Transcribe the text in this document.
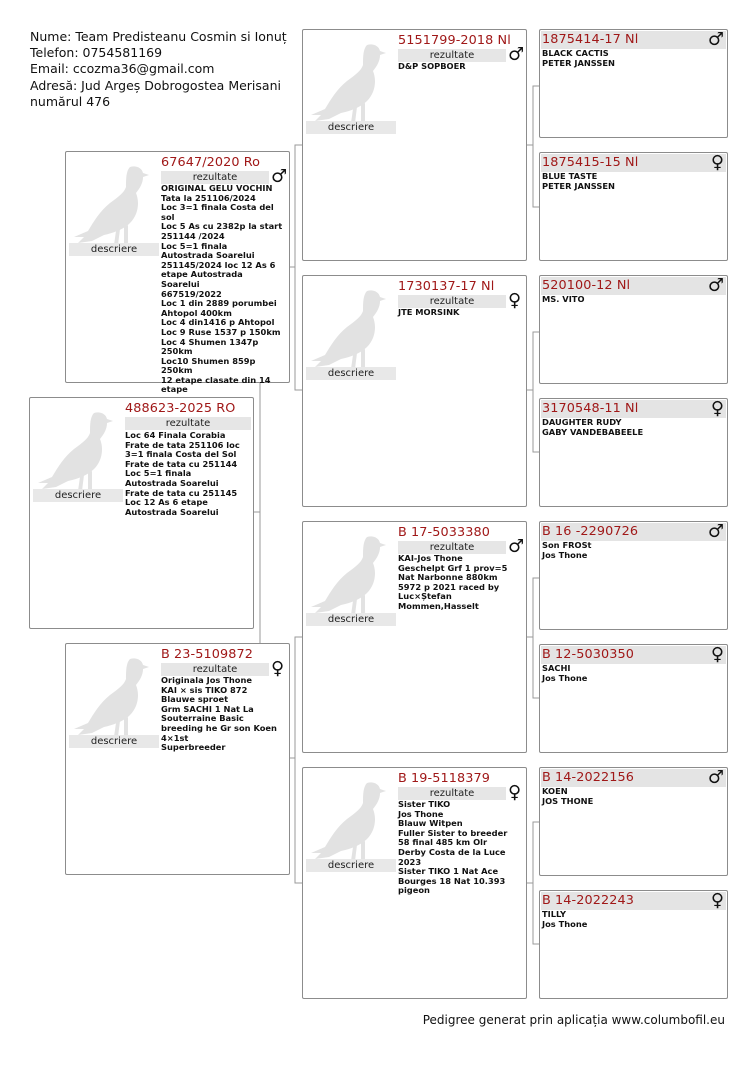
Nume: Team Predisteanu Cosmin si Ionuț
Telefon: 0754581169
Email: ccozma36@gmail.com
Adresă: Jud Argeș Dobrogostea Merisani
numărul 476
descriere
488623-2025 RO
rezultate
Loc 64 Finala Corabia
Frate de tata 251106 loc
3=1 finala Costa del Sol
Frate de tata cu 251144
Loc 5=1 finala
Autostrada Soarelui
Frate de tata cu 251145
Loc 12 As 6 etape
Autostrada Soarelui
descriere
67647/2020 Ro
rezultate	♂
ORIGINAL GELU VOCHIN
Tata la 251106/2024
Loc 3=1 finala Costa del
sol
Loc 5 As cu 2382p la start
251144 /2024
Loc 5=1 finala
Autostrada Soarelui
251145/2024 loc 12 As 6
etape Autostrada
Soarelui
667519/2022
Loc 1 din 2889 porumbei
Ahtopol 400km
Loc 4 din1416 p Ahtopol
Loc 9 Ruse 1537 p 150km
Loc 4 Shumen 1347p
250km
Loc10 Shumen 859p
250km
12 etape clasate din 14
etape
descriere
B 23-5109872
rezultate	♀
Originala Jos Thone
KAI × sis TIKO 872
Blauwe sproet
Grm SACHI 1 Nat La
Souterraine Basic
breeding he Gr son Koen
4×1st
Superbreeder
descriere
5151799-2018 Nl
rezultate	♂
D&P SOPBOER
descriere
1730137-17 Nl
rezultate	♀
JTE MORSINK
descriere
B 17-5033380
rezultate	♂
KAI-Jos Thone
Geschelpt Grf 1 prov=5
Nat Narbonne 880km
5972 p 2021 raced by
Luc×Ștefan
Mommen,Hasselt
descriere
B 19-5118379
rezultate	♀
Sister TIKO
Jos Thone
Blauw Witpen
Fuller Sister to breeder
58 final 485 km Olr
Derby Costa de la Luce
2023
Sister TIKO 1 Nat Ace
Bourges 18 Nat 10.393
pigeon
1875414-17 Nl	♂
BLACK CACTIS
PETER JANSSEN
1875415-15 Nl	♀
BLUE TASTE
PETER JANSSEN
520100-12 Nl	♂
MS. VITO
3170548-11 Nl	♀
DAUGHTER RUDY
GABY VANDEBABEELE
B 16 -2290726	♂
Son FROSt
Jos Thone
B 12-5030350	♀
SACHI
Jos Thone
B 14-2022156	♂
KOEN
JOS THONE
B 14-2022243	♀
TILLY
Jos Thone
Pedigree generat prin aplicația www.columbofil.eu
